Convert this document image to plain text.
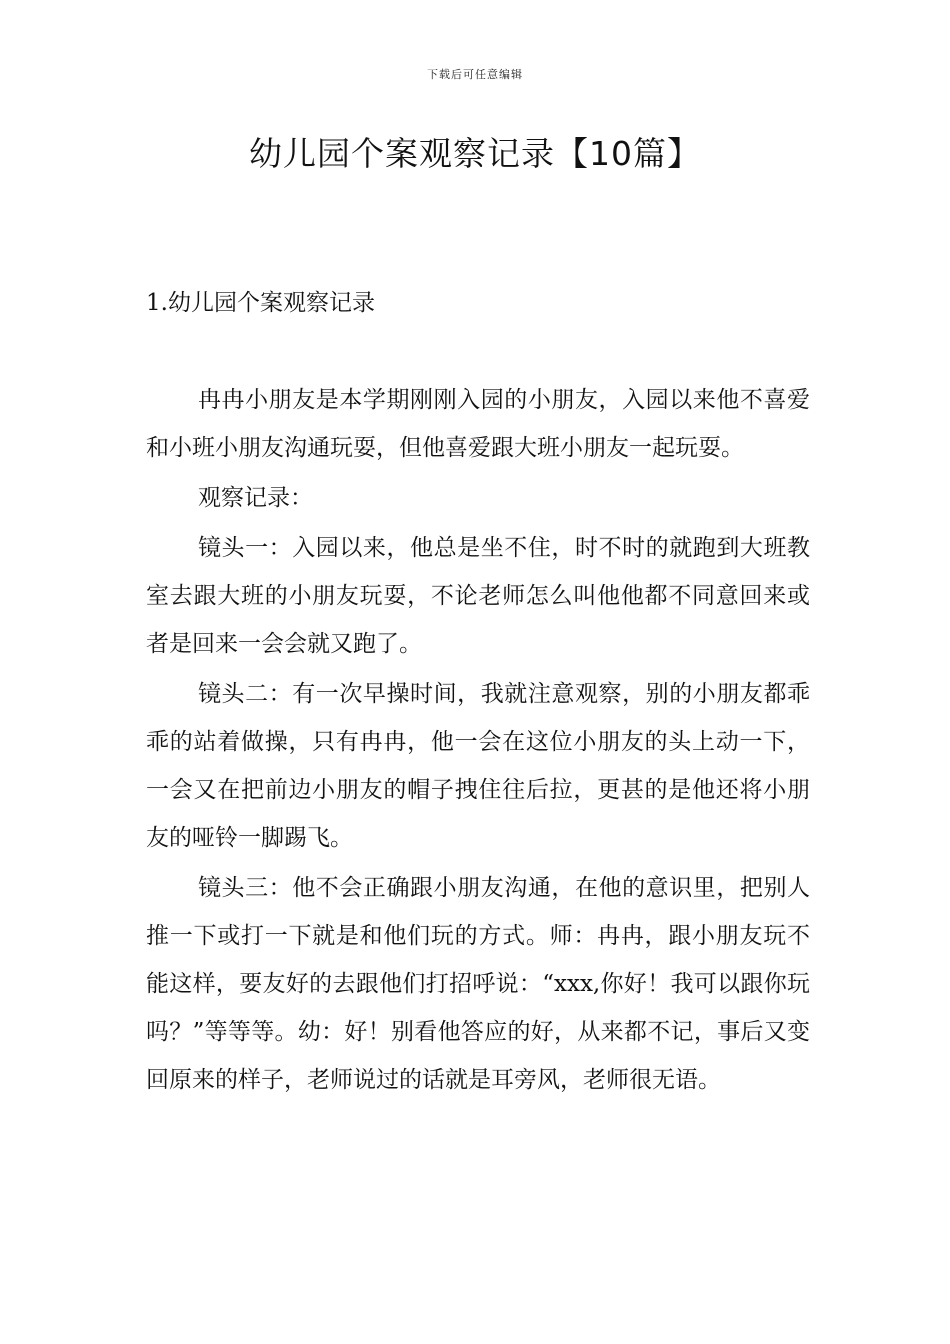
下载后可任意编辑
幼儿园个案观察记录【10篇】
1.幼儿园个案观察记录

冉冉小朋友是本学期刚刚入园的小朋友，入园以来他不喜爱和小班小朋友沟通玩耍，但他喜爱跟大班小朋友一起玩耍。

观察记录：

镜头一：入园以来，他总是坐不住，时不时的就跑到大班教室去跟大班的小朋友玩耍，不论老师怎么叫他他都不同意回来或者是回来一会会就又跑了。

镜头二：有一次早操时间，我就注意观察，别的小朋友都乖乖的站着做操，只有冉冉，他一会在这位小朋友的头上动一下，一会又在把前边小朋友的帽子拽住往后拉，更甚的是他还将小朋友的哑铃一脚踢飞。

镜头三：他不会正确跟小朋友沟通，在他的意识里，把别人推一下或打一下就是和他们玩的方式。师：冉冉，跟小朋友玩不能这样，要友好的去跟他们打招呼说：“xxx,你好！我可以跟你玩吗？”等等等。幼：好！别看他答应的好，从来都不记，事后又变回原来的样子，老师说过的话就是耳旁风，老师很无语。
